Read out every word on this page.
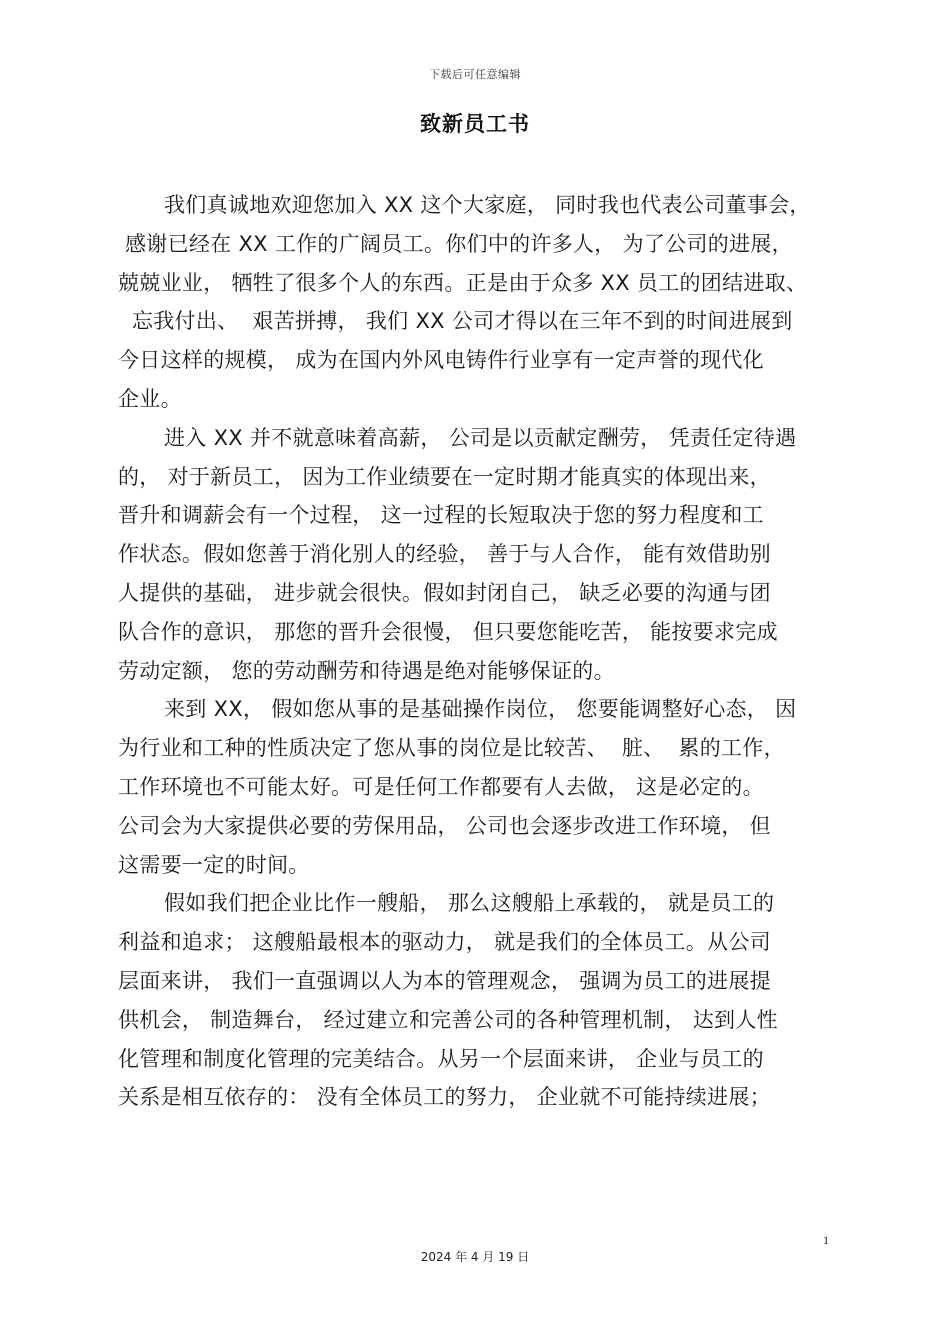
下载后可任意编辑
致新员工书
我们真诚地欢迎您加入 XX 这个大家庭， 同时我也代表公司董事会，
感谢已经在 XX 工作的广阔员工。你们中的许多人， 为了公司的进展，
兢兢业业， 牺牲了很多个人的东西。正是由于众多 XX 员工的团结进取、
忘我付出、  艰苦拼搏， 我们 XX 公司才得以在三年不到的时间进展到
今日这样的规模， 成为在国内外风电铸件行业享有一定声誉的现代化
企业。
进入 XX 并不就意味着高薪， 公司是以贡献定酬劳， 凭责任定待遇
的， 对于新员工， 因为工作业绩要在一定时期才能真实的体现出来，
晋升和调薪会有一个过程， 这一过程的长短取决于您的努力程度和工
作状态。假如您善于消化别人的经验， 善于与人合作， 能有效借助别
人提供的基础， 进步就会很快。假如封闭自己， 缺乏必要的沟通与团
队合作的意识， 那您的晋升会很慢， 但只要您能吃苦， 能按要求完成
劳动定额， 您的劳动酬劳和待遇是绝对能够保证的。
来到 XX， 假如您从事的是基础操作岗位， 您要能调整好心态， 因
为行业和工种的性质决定了您从事的岗位是比较苦、  脏、  累的工作，
工作环境也不可能太好。可是任何工作都要有人去做， 这是必定的。
公司会为大家提供必要的劳保用品， 公司也会逐步改进工作环境， 但
这需要一定的时间。
假如我们把企业比作一艘船， 那么这艘船上承载的， 就是员工的
利益和追求； 这艘船最根本的驱动力， 就是我们的全体员工。从公司
层面来讲， 我们一直强调以人为本的管理观念， 强调为员工的进展提
供机会， 制造舞台， 经过建立和完善公司的各种管理机制， 达到人性
化管理和制度化管理的完美结合。从另一个层面来讲， 企业与员工的
关系是相互依存的： 没有全体员工的努力， 企业就不可能持续进展；
1
2024 年 4 月 19 日
